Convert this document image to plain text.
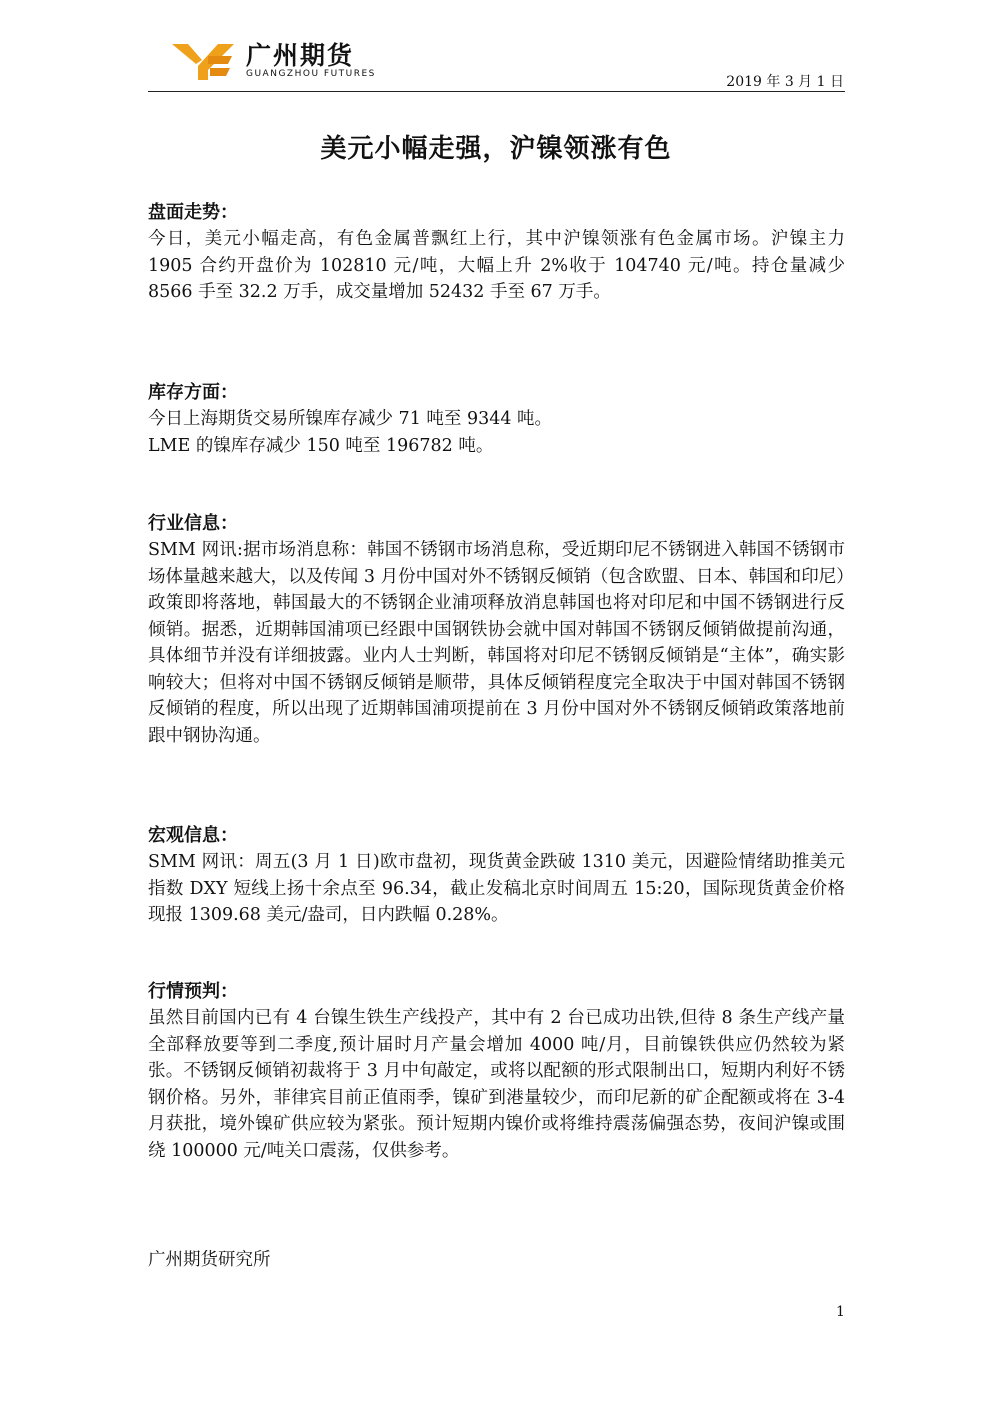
广州期货
GUANGZHOU FUTURES	2019 年 3 月 1 日
美元小幅走强，沪镍领涨有色
盘面走势：

今日，美元小幅走高，有色金属普飘红上行，其中沪镍领涨有色金属市场。沪镍主力 1905 合约开盘价为 102810 元/吨，大幅上升 2%收于 104740 元/吨。持仓量减少 8566 手至 32.2 万手，成交量增加 52432 手至 67 万手。

库存方面：

今日上海期货交易所镍库存减少 71 吨至 9344 吨。

LME 的镍库存减少 150 吨至 196782 吨。

行业信息：

SMM 网讯:据市场消息称：韩国不锈钢市场消息称，受近期印尼不锈钢进入韩国不锈钢市场体量越来越大，以及传闻 3 月份中国对外不锈钢反倾销（包含欧盟、日本、韩国和印尼）政策即将落地，韩国最大的不锈钢企业浦项释放消息韩国也将对印尼和中国不锈钢进行反倾销。据悉，近期韩国浦项已经跟中国钢铁协会就中国对韩国不锈钢反倾销做提前沟通，具体细节并没有详细披露。业内人士判断，韩国将对印尼不锈钢反倾销是“主体”，确实影响较大；但将对中国不锈钢反倾销是顺带，具体反倾销程度完全取决于中国对韩国不锈钢反倾销的程度，所以出现了近期韩国浦项提前在 3 月份中国对外不锈钢反倾销政策落地前跟中钢协沟通。

宏观信息：

SMM 网讯：周五(3 月 1 日)欧市盘初，现货黄金跌破 1310 美元，因避险情绪助推美元指数 DXY 短线上扬十余点至 96.34，截止发稿北京时间周五 15:20，国际现货黄金价格现报 1309.68 美元/盎司，日内跌幅 0.28%。

行情预判：

虽然目前国内已有 4 台镍生铁生产线投产，其中有 2 台已成功出铁,但待 8 条生产线产量全部释放要等到二季度,预计届时月产量会增加 4000 吨/月，目前镍铁供应仍然较为紧张。不锈钢反倾销初裁将于 3 月中旬敲定，或将以配额的形式限制出口，短期内利好不锈钢价格。另外，菲律宾目前正值雨季，镍矿到港量较少，而印尼新的矿企配额或将在 3-4 月获批，境外镍矿供应较为紧张。预计短期内镍价或将维持震荡偏强态势，夜间沪镍或围绕 100000 元/吨关口震荡，仅供参考。

广州期货研究所
1
